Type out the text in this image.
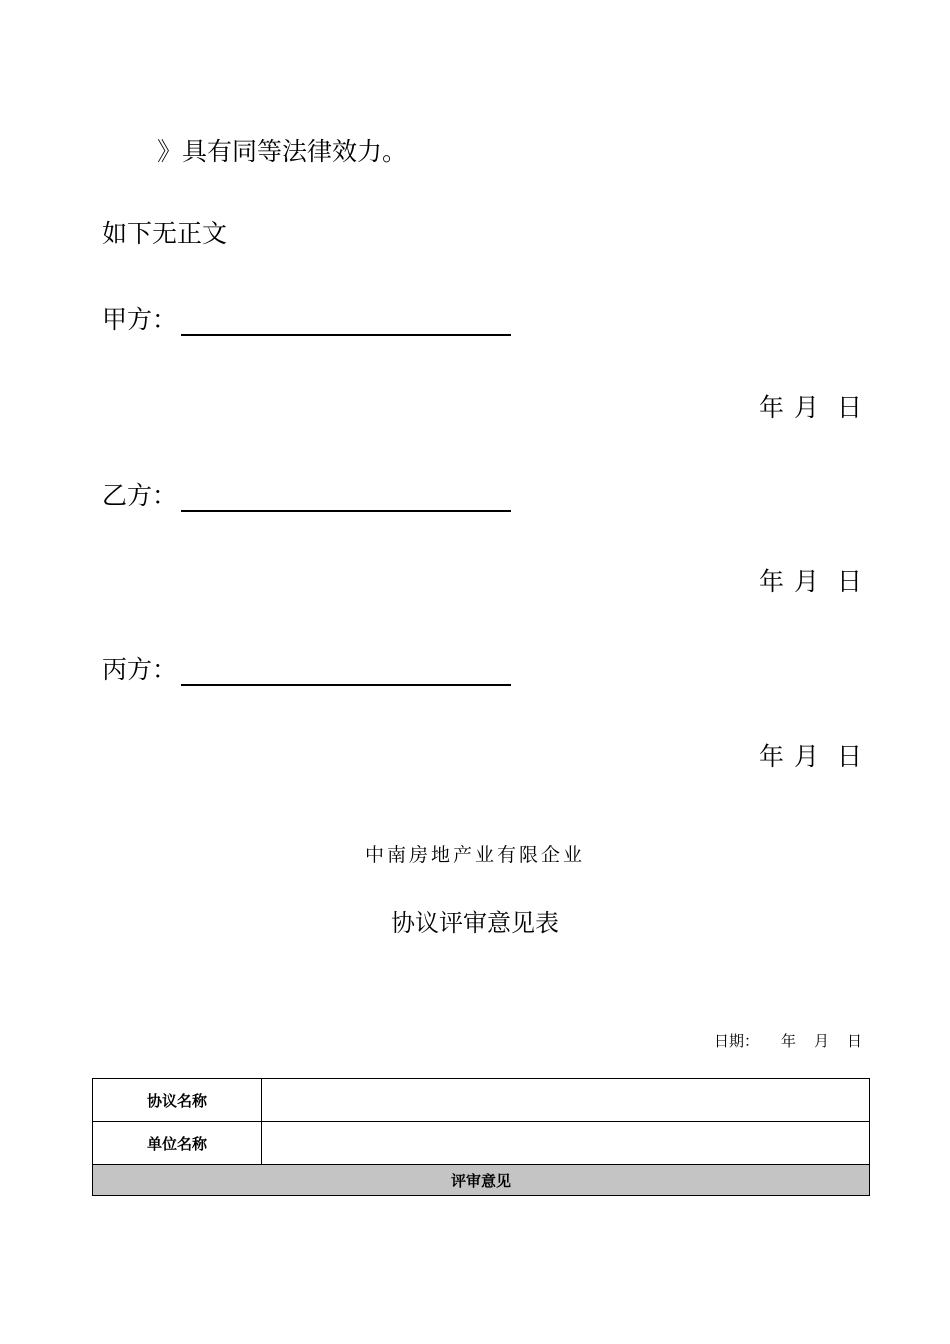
》具有同等法律效力。
如下无正文
甲方：
年 月 日
乙方：
年 月 日
丙方：
年 月 日
中南房地产业有限企业
协议评审意见表
日期： 年 月 日
协议名称	
单位名称	
评审意见	
